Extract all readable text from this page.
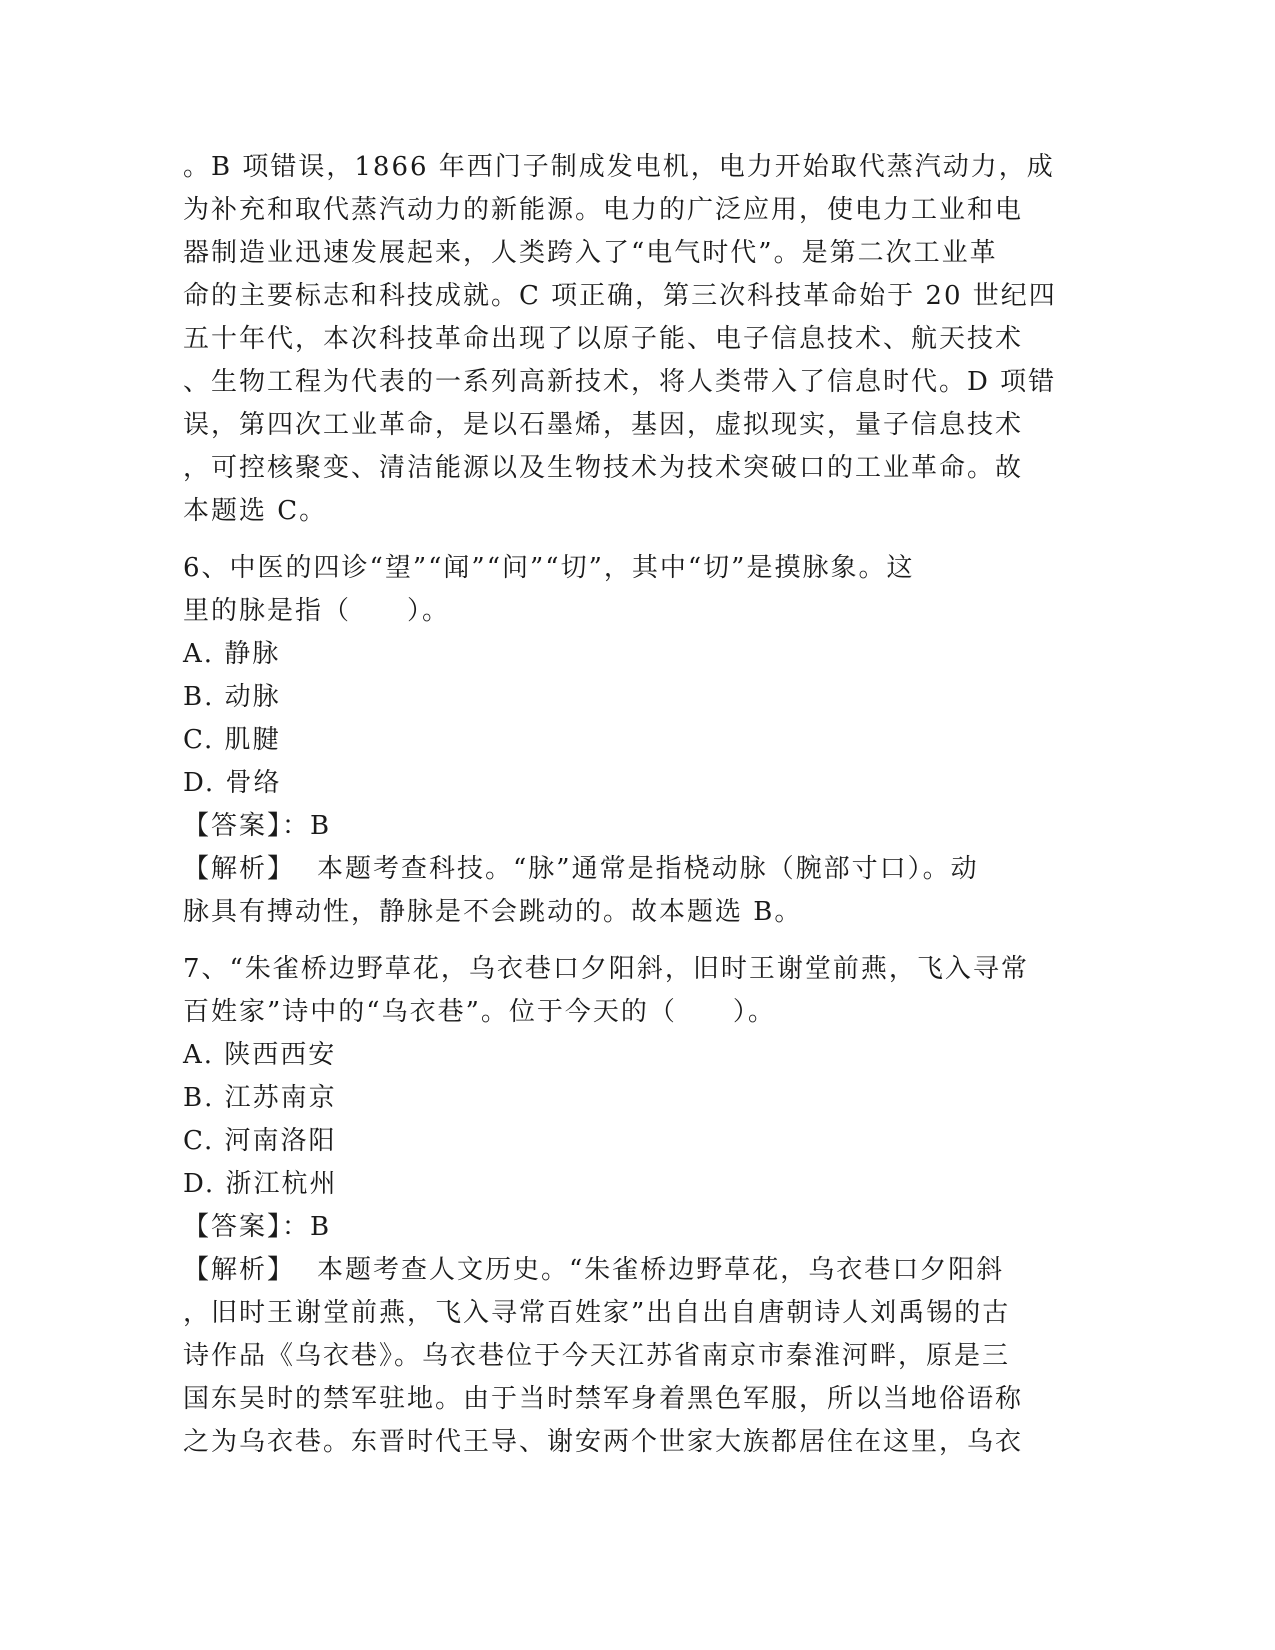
。B 项错误，1866 年西门子制成发电机，电力开始取代蒸汽动力，成
为补充和取代蒸汽动力的新能源。电力的广泛应用，使电力工业和电
器制造业迅速发展起来，人类跨入了“电气时代”。是第二次工业革
命的主要标志和科技成就。C 项正确，第三次科技革命始于 20 世纪四
五十年代，本次科技革命出现了以原子能、电子信息技术、航天技术
、生物工程为代表的一系列高新技术，将人类带入了信息时代。D 项错
误，第四次工业革命，是以石墨烯，基因，虚拟现实，量子信息技术
，可控核聚变、清洁能源以及生物技术为技术突破口的工业革命。故
本题选 C。
6、中医的四诊“望”“闻”“问”“切”，其中“切”是摸脉象。这
里的脉是指（　　）。
A. 静脉
B. 动脉
C. 肌腱
D. 骨络
【答案】：B
【解析】 本题考查科技。“脉”通常是指桡动脉（腕部寸口）。动
脉具有搏动性，静脉是不会跳动的。故本题选 B。
7、“朱雀桥边野草花，乌衣巷口夕阳斜，旧时王谢堂前燕，飞入寻常
百姓家”诗中的“乌衣巷”。位于今天的（　　）。
A. 陕西西安
B. 江苏南京
C. 河南洛阳
D. 浙江杭州
【答案】：B
【解析】 本题考查人文历史。“朱雀桥边野草花，乌衣巷口夕阳斜
，旧时王谢堂前燕，飞入寻常百姓家”出自出自唐朝诗人刘禹锡的古
诗作品《乌衣巷》。乌衣巷位于今天江苏省南京市秦淮河畔，原是三
国东吴时的禁军驻地。由于当时禁军身着黑色军服，所以当地俗语称
之为乌衣巷。东晋时代王导、谢安两个世家大族都居住在这里，乌衣
